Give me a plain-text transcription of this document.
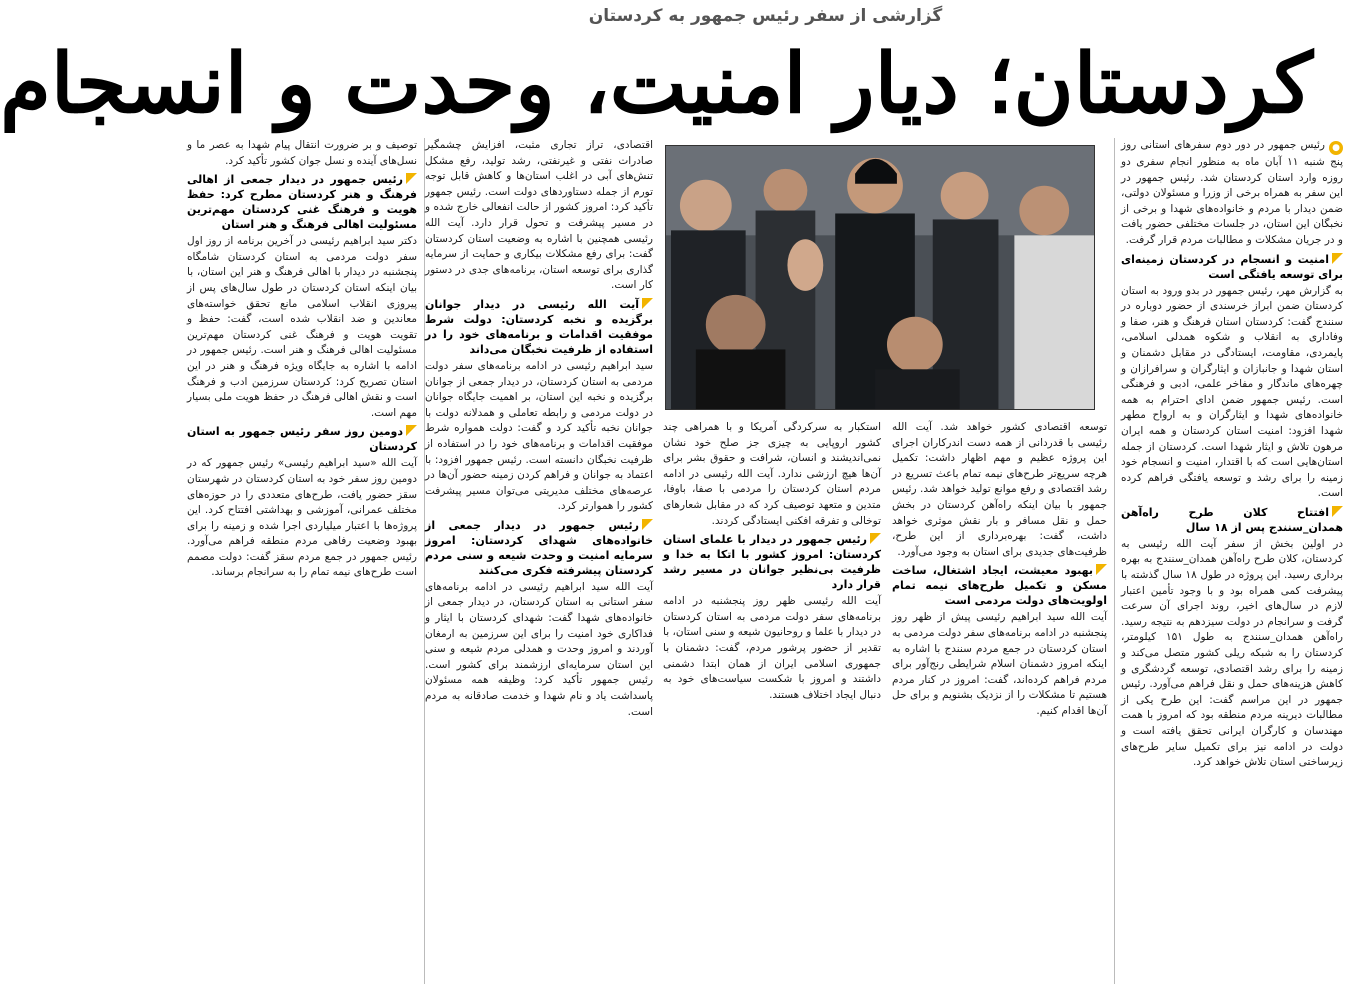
گزارشی از سفر رئیس جمهور به کردستان
کردستان؛ دیار امنیت، وحدت و انسجام

●رئیس جمهور در دور دوم سفرهای استانی روز پنج شنبه ۱۱ آبان ماه به منظور انجام سفری دو روزه وارد استان کردستان شد. رئیس جمهور در این سفر به همراه برخی از وزرا و مسئولان دولتی، ضمن دیدار با مردم و خانواده‌های شهدا و برخی از نخبگان این استان، در جلسات مختلفی حضور یافت و در جریان مشکلات و مطالبات مردم قرار گرفت.

امنیت و انسجام در کردستان زمینه‌ای برای توسعه یافتگی است

به گزارش مهر، رئیس جمهور در بدو ورود به استان کردستان ضمن ابراز خرسندی از حضور دوباره در سنندج گفت: کردستان استان فرهنگ و هنر، صفا و وفاداری به انقلاب و شکوه همدلی اسلامی، پایمردی، مقاومت، ایستادگی در مقابل دشمنان و استان شهدا و جانبازان و ایثارگران و سرافرازان و چهره‌های ماندگار و مفاخر علمی، ادبی و فرهنگی است. رئیس جمهور ضمن ادای احترام به همه خانواده‌های شهدا و ایثارگران و به ارواح مطهر شهدا افزود: امنیت استان کردستان و همه ایران مرهون تلاش و ایثار شهدا است. کردستان از جمله استان‌هایی است که با اقتدار، امنیت و انسجام خود زمینه را برای رشد و توسعه یافتگی فراهم کرده است.

افتتاح کلان طرح راه‌آهن همدان_سنندج پس از ۱۸ سال

در اولین بخش از سفر آیت الله رئیسی به کردستان، کلان طرح راه‌آهن همدان_سنندج به بهره برداری رسید. این پروژه در طول ۱۸ سال گذشته با پیشرفت کمی همراه بود و با وجود تأمین اعتبار لازم در سال‌های اخیر، روند اجرای آن سرعت گرفت و سرانجام در دولت سیزدهم به نتیجه رسید. راه‌آهن همدان_سنندج به طول ۱۵۱ کیلومتر، کردستان را به شبکه ریلی کشور متصل می‌کند و زمینه را برای رشد اقتصادی، توسعه گردشگری و کاهش هزینه‌های حمل و نقل فراهم می‌آورد. رئیس جمهور در این مراسم گفت: این طرح یکی از مطالبات دیرینه مردم منطقه بود که امروز با همت مهندسان و کارگران ایرانی تحقق یافته است و دولت در ادامه نیز برای تکمیل سایر طرح‌های زیرساختی استان تلاش خواهد کرد.

توسعه اقتصادی کشور خواهد شد. آیت الله رئیسی با قدردانی از همه دست اندرکاران اجرای این پروژه عظیم و مهم اظهار داشت: تکمیل هرچه سریع‌تر طرح‌های نیمه تمام باعث تسریع در رشد اقتصادی و رفع موانع تولید خواهد شد. رئیس جمهور با بیان اینکه راه‌آهن کردستان در بخش حمل و نقل مسافر و بار نقش موثری خواهد داشت، گفت: بهره‌برداری از این طرح، ظرفیت‌های جدیدی برای استان به وجود می‌آورد.

بهبود معیشت، ایجاد اشتغال، ساخت مسکن و تکمیل طرح‌های نیمه تمام اولویت‌های دولت مردمی است

آیت الله سید ابراهیم رئیسی پیش از ظهر روز پنجشنبه در ادامه برنامه‌های سفر دولت مردمی به استان کردستان در جمع مردم سنندج با اشاره به اینکه امروز دشمنان اسلام شرایطی رنج‌آور برای مردم فراهم کرده‌اند، گفت: امروز در کنار مردم هستیم تا مشکلات را از نزدیک بشنویم و برای حل آن‌ها اقدام کنیم.

استکبار به سرکردگی آمریکا و با همراهی چند کشور اروپایی به چیزی جز صلح خود نشان نمی‌اندیشند و انسان، شرافت و حقوق بشر برای آن‌ها هیچ ارزشی ندارد. آیت الله رئیسی در ادامه مردم استان کردستان را مردمی با صفا، باوفا، متدین و متعهد توصیف کرد که در مقابل شعارهای توخالی و تفرقه افکنی ایستادگی کردند.

رئیس جمهور در دیدار با علمای استان کردستان: امروز کشور با اتکا به خدا و ظرفیت بی‌نظیر جوانان در مسیر رشد قرار دارد

آیت الله رئیسی ظهر روز پنجشنبه در ادامه برنامه‌های سفر دولت مردمی به استان کردستان در دیدار با علما و روحانیون شیعه و سنی استان، با تقدیر از حضور پرشور مردم، گفت: دشمنان با جمهوری اسلامی ایران از همان ابتدا دشمنی داشتند و امروز با شکست سیاست‌های خود به دنبال ایجاد اختلاف هستند.

اقتصادی، تراز تجاری مثبت، افزایش چشمگیر صادرات نفتی و غیرنفتی، رشد تولید، رفع مشکل تنش‌های آبی در اغلب استان‌ها و کاهش قابل توجه تورم از جمله دستاوردهای دولت است. رئیس جمهور تأکید کرد: امروز کشور از حالت انفعالی خارج شده و در مسیر پیشرفت و تحول قرار دارد. آیت الله رئیسی همچنین با اشاره به وضعیت استان کردستان گفت: برای رفع مشکلات بیکاری و حمایت از سرمایه گذاری برای توسعه استان، برنامه‌های جدی در دستور کار است.

آیت الله رئیسی در دیدار جوانان برگزیده و نخبه کردستان: دولت شرط موفقیت اقدامات و برنامه‌های خود را در استفاده از ظرفیت نخبگان می‌داند

سید ابراهیم رئیسی در ادامه برنامه‌های سفر دولت مردمی به استان کردستان، در دیدار جمعی از جوانان برگزیده و نخبه این استان، بر اهمیت جایگاه جوانان در دولت مردمی و رابطه تعاملی و همدلانه دولت با جوانان نخبه تأکید کرد و گفت: دولت همواره شرط موفقیت اقدامات و برنامه‌های خود را در استفاده از ظرفیت نخبگان دانسته است. رئیس جمهور افزود: با اعتماد به جوانان و فراهم کردن زمینه حضور آن‌ها در عرصه‌های مختلف مدیریتی می‌توان مسیر پیشرفت کشور را هموارتر کرد.

رئیس جمهور در دیدار جمعی از خانواده‌های شهدای کردستان: امروز سرمایه امنیت و وحدت شیعه و سنی مردم کردستان پیشرفته فکری می‌کنند

آیت الله سید ابراهیم رئیسی در ادامه برنامه‌های سفر استانی به استان کردستان، در دیدار جمعی از خانواده‌های شهدا گفت: شهدای کردستان با ایثار و فداکاری خود امنیت را برای این سرزمین به ارمغان آوردند و امروز وحدت و همدلی مردم شیعه و سنی این استان سرمایه‌ای ارزشمند برای کشور است. رئیس جمهور تأکید کرد: وظیفه همه مسئولان پاسداشت یاد و نام شهدا و خدمت صادقانه به مردم است.

توصیف و بر ضرورت انتقال پیام شهدا به عصر ما و نسل‌های آینده و نسل جوان کشور تأکید کرد.

رئیس جمهور در دیدار جمعی از اهالی فرهنگ و هنر کردستان مطرح کرد: حفظ هویت و فرهنگ غنی کردستان مهم‌ترین مسئولیت اهالی فرهنگ و هنر استان

دکتر سید ابراهیم رئیسی در آخرین برنامه از روز اول سفر دولت مردمی به استان کردستان شامگاه پنجشنبه در دیدار با اهالی فرهنگ و هنر این استان، با بیان اینکه استان کردستان در طول سال‌های پس از پیروزی انقلاب اسلامی مانع تحقق خواسته‌های معاندین و ضد انقلاب شده است، گفت: حفظ و تقویت هویت و فرهنگ غنی کردستان مهم‌ترین مسئولیت اهالی فرهنگ و هنر است. رئیس جمهور در ادامه با اشاره به جایگاه ویژه فرهنگ و هنر در این استان تصریح کرد: کردستان سرزمین ادب و فرهنگ است و نقش اهالی فرهنگ در حفظ هویت ملی بسیار مهم است.

دومین روز سفر رئیس جمهور به استان کردستان

آیت الله «سید ابراهیم رئیسی» رئیس جمهور که در دومین روز سفر خود به استان کردستان در شهرستان سقز حضور یافت، طرح‌های متعددی را در حوزه‌های مختلف عمرانی، آموزشی و بهداشتی افتتاح کرد. این پروژه‌ها با اعتبار میلیاردی اجرا شده و زمینه را برای بهبود وضعیت رفاهی مردم منطقه فراهم می‌آورد. رئیس جمهور در جمع مردم سقز گفت: دولت مصمم است طرح‌های نیمه تمام را به سرانجام برساند.
